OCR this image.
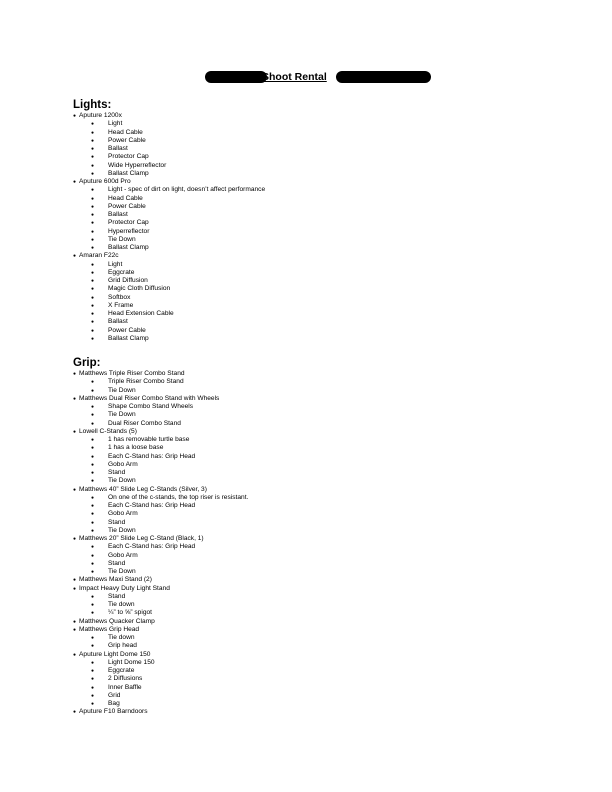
Shoot Rental
Lights:
● Aputure 1200x
● Light
● Head Cable
● Power Cable
● Ballast
● Protector Cap
● Wide Hyperreflector
● Ballast Clamp
● Aputure 600d Pro
● Light - spec of dirt on light, doesn’t affect performance
● Head Cable
● Power Cable
● Ballast
● Protector Cap
● Hyperreflector
● Tie Down
● Ballast Clamp
● Amaran F22c
● Light
● Eggcrate
● Grid Diffusion
● Magic Cloth Diffusion
● Softbox
● X Frame
● Head Extension Cable
● Ballast
● Power Cable
● Ballast Clamp
Grip:
● Matthews Triple Riser Combo Stand
● Triple Riser Combo Stand
● Tie Down
● Matthews Dual Riser Combo Stand with Wheels
● Shape Combo Stand Wheels
● Tie Down
● Dual Riser Combo Stand
● Lowell C-Stands (5)
● 1 has removable turtle base
● 1 has a loose base
● Each C-Stand has: Grip Head
● Gobo Arm
● Stand
● Tie Down
● Matthews 40” Slide Leg C-Stands (Silver, 3)
● On one of the c-stands, the top riser is resistant.
● Each C-Stand has: Grip Head
● Gobo Arm
● Stand
● Tie Down
● Matthews 20” Slide Leg C-Stand (Black, 1)
● Each C-Stand has: Grip Head
● Gobo Arm
● Stand
● Tie Down
● Matthews Maxi Stand (2)
● Impact Heavy Duty Light Stand
● Stand
● Tie down
● ¼” to ⅝” spigot
● Matthews Quacker Clamp
● Matthews Grip Head
● Tie down
● Grip head
● Aputure Light Dome 150
● Light Dome 150
● Eggcrate
● 2 Diffusions
● Inner Baffle
● Grid
● Bag
● Aputure F10 Barndoors
